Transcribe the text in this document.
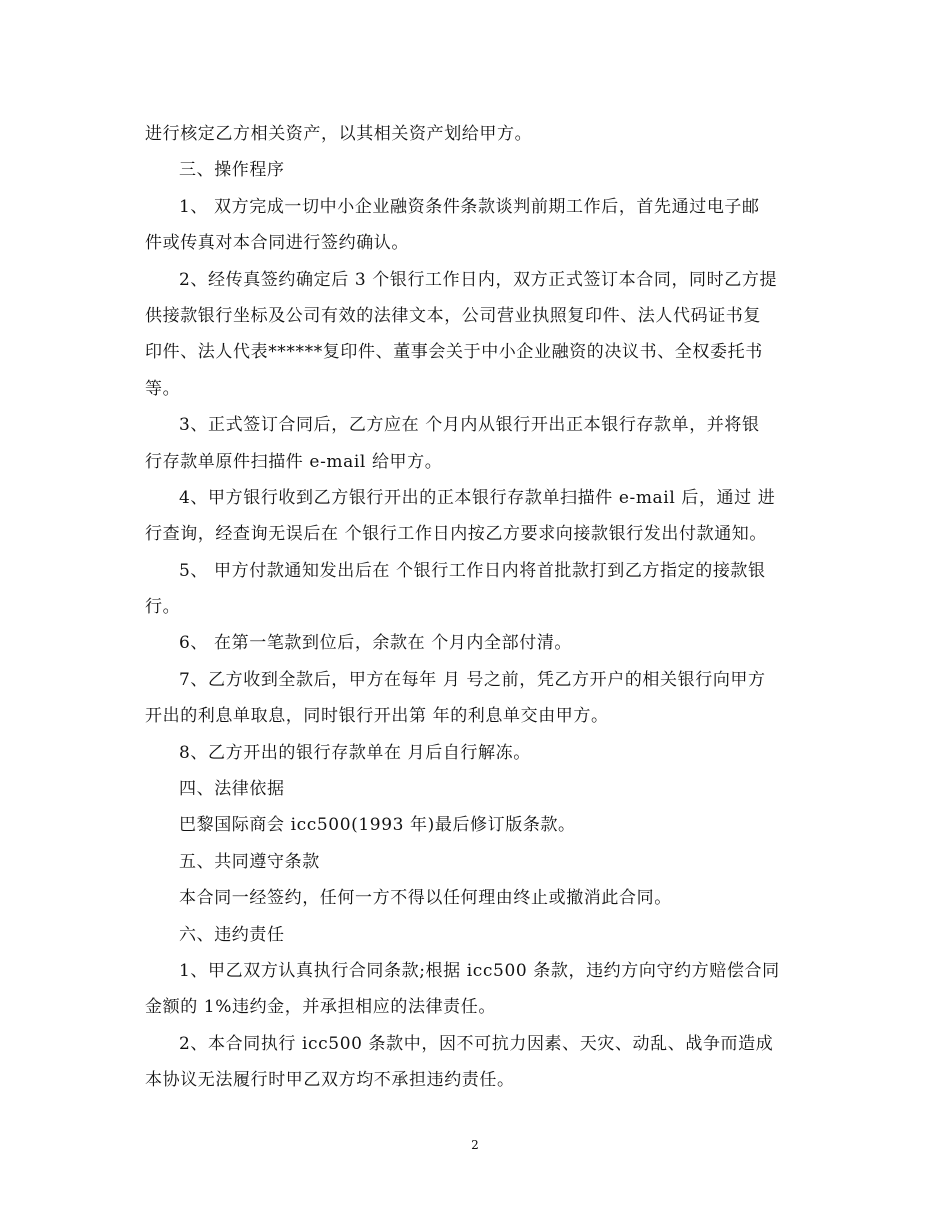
进行核定乙方相关资产，以其相关资产划给甲方。
三、操作程序
1、 双方完成一切中小企业融资条件条款谈判前期工作后，首先通过电子邮
件或传真对本合同进行签约确认。
2、经传真签约确定后 3 个银行工作日内，双方正式签订本合同，同时乙方提
供接款银行坐标及公司有效的法律文本，公司营业执照复印件、法人代码证书复
印件、法人代表******复印件、董事会关于中小企业融资的决议书、全权委托书
等。
3、正式签订合同后，乙方应在 个月内从银行开出正本银行存款单，并将银
行存款单原件扫描件 e-mail 给甲方。
4、甲方银行收到乙方银行开出的正本银行存款单扫描件 e-mail 后，通过 进
行查询，经查询无误后在 个银行工作日内按乙方要求向接款银行发出付款通知。
5、 甲方付款通知发出后在 个银行工作日内将首批款打到乙方指定的接款银
行。
6、 在第一笔款到位后，余款在 个月内全部付清。
7、乙方收到全款后，甲方在每年 月 号之前，凭乙方开户的相关银行向甲方
开出的利息单取息，同时银行开出第 年的利息单交由甲方。
8、乙方开出的银行存款单在 月后自行解冻。
四、法律依据
巴黎国际商会 icc500(1993 年)最后修订版条款。
五、共同遵守条款
本合同一经签约，任何一方不得以任何理由终止或撤消此合同。
六、违约责任
1、甲乙双方认真执行合同条款;根据 icc500 条款，违约方向守约方赔偿合同
金额的 1%违约金，并承担相应的法律责任。
2、本合同执行 icc500 条款中，因不可抗力因素、天灾、动乱、战争而造成
本协议无法履行时甲乙双方均不承担违约责任。
2
